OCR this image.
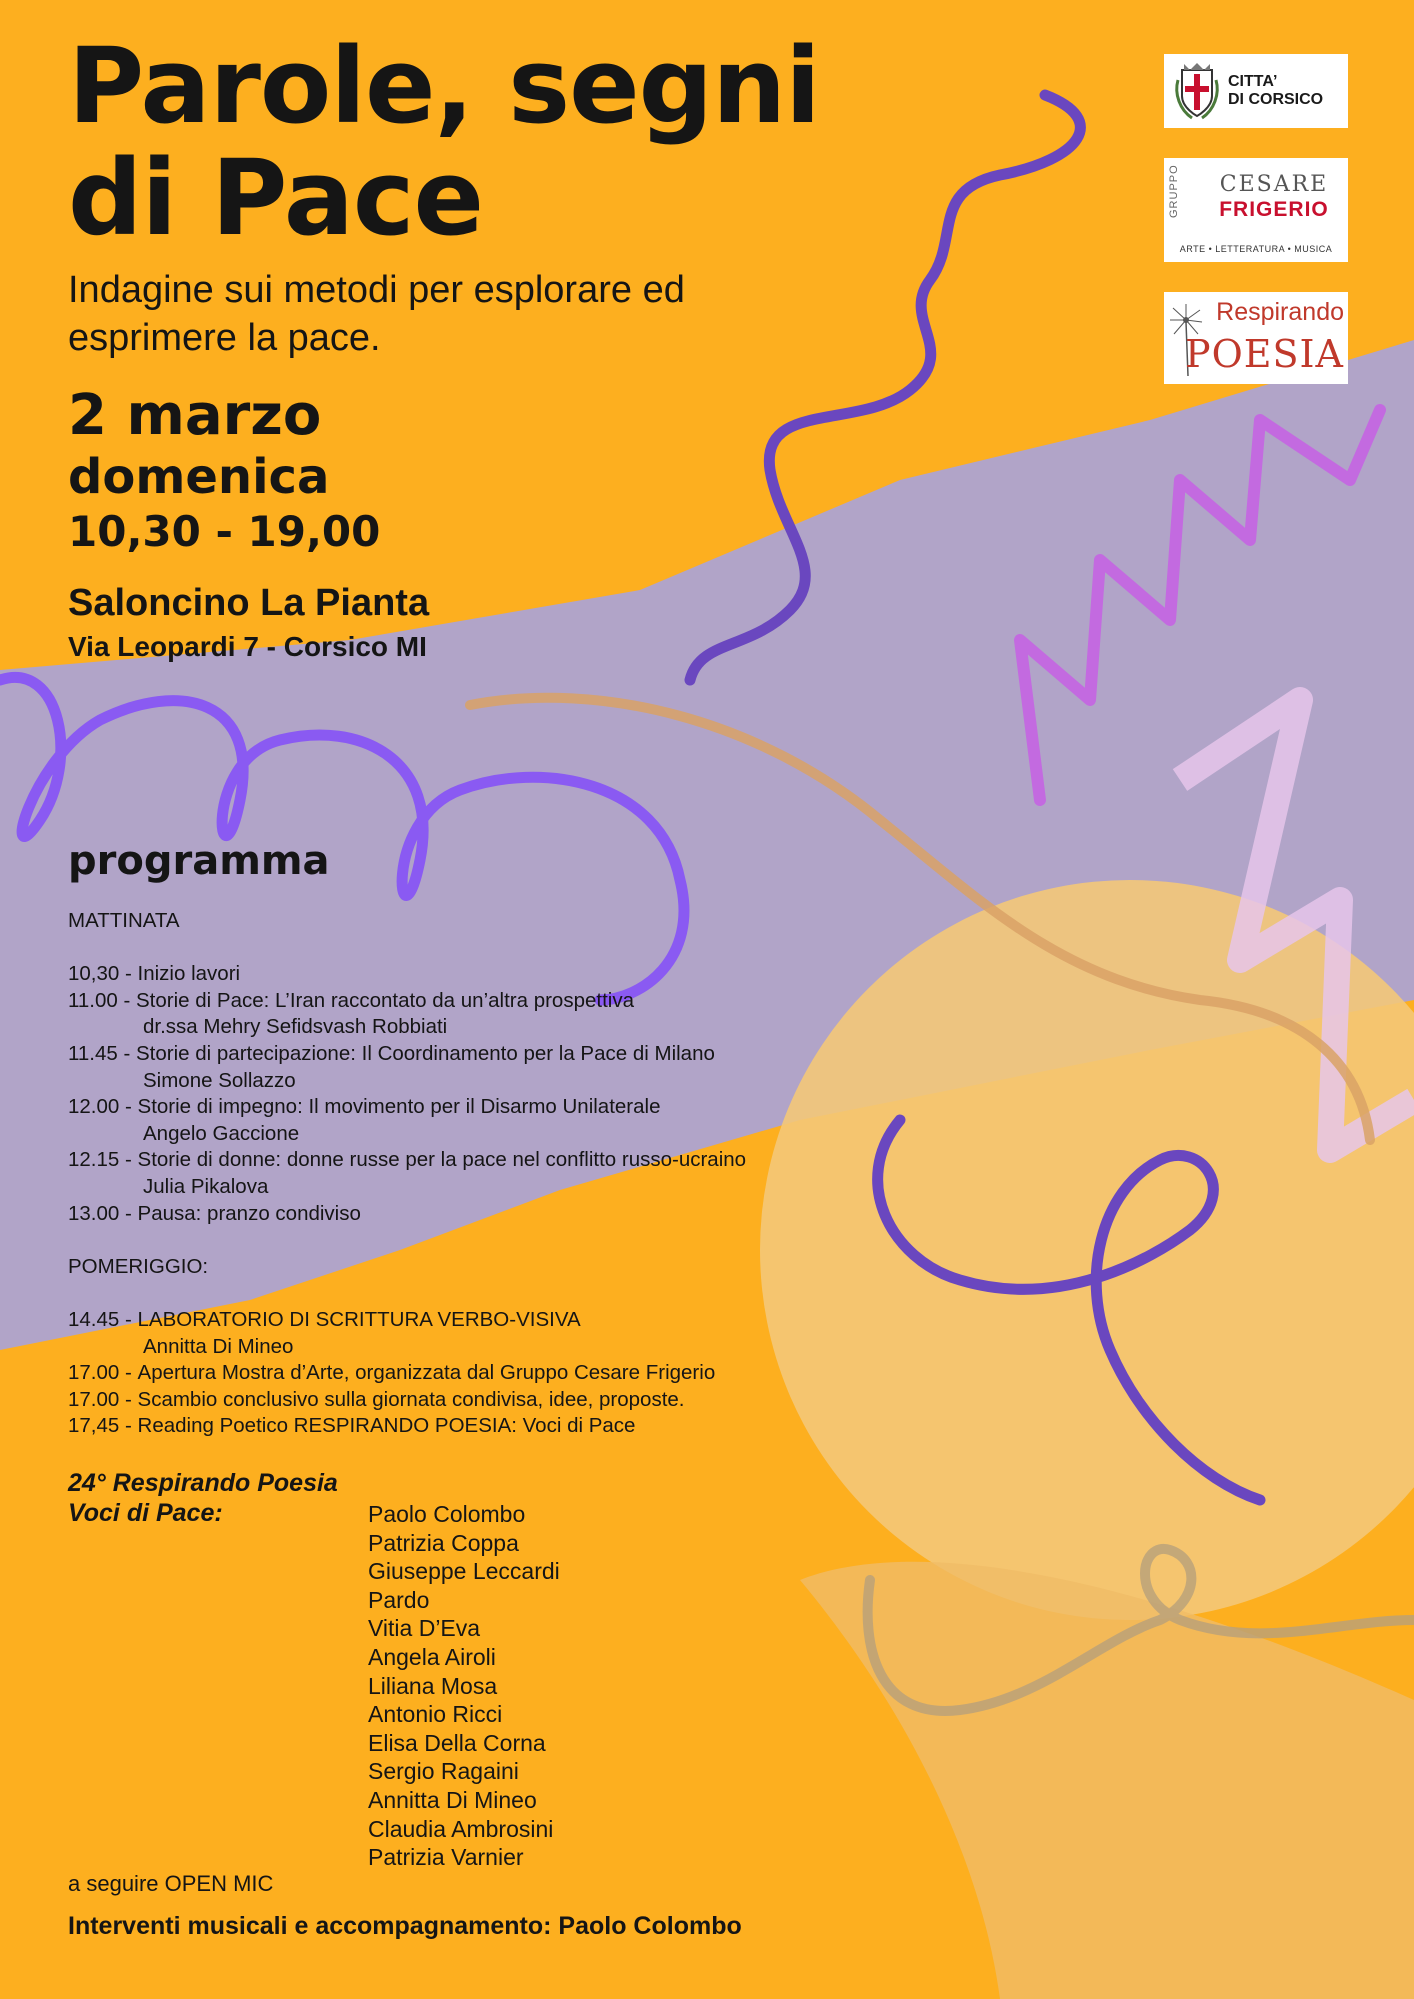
Parole, segni
di Pace

Indagine sui metodi per esplorare ed esprimere la pace.

2 marzo
domenica
10,30 - 19,00
Saloncino La Pianta
Via Leopardi 7 - Corsico MI
CITTA’
DI CORSICO
GRUPPO	CESARE
FRIGERIO
ARTE • LETTERATURA • MUSICA
Respirando
POESIA
programma
MATTINATA
10,30 - Inizio lavori
11.00 - Storie di Pace: L’Iran raccontato da un’altra prospettiva
dr.ssa Mehry Sefidsvash Robbiati
11.45 - Storie di partecipazione: Il Coordinamento per la Pace di Milano
Simone Sollazzo
12.00 - Storie di impegno: Il movimento per il Disarmo Unilaterale
Angelo Gaccione
12.15 - Storie di donne: donne russe per la pace nel conflitto russo-ucraino
Julia Pikalova
13.00 - Pausa: pranzo condiviso
POMERIGGIO:
14.45 - LABORATORIO DI SCRITTURA VERBO-VISIVA
Annitta Di Mineo
17.00 - Apertura Mostra d’Arte, organizzata dal Gruppo Cesare Frigerio
17.00 - Scambio conclusivo sulla giornata condivisa, idee, proposte.
17,45 - Reading Poetico RESPIRANDO POESIA: Voci di Pace
24° Respirando Poesia
Voci di Pace:	Paolo Colombo
Patrizia Coppa
Giuseppe Leccardi
Pardo
Vitia D’Eva
Angela Airoli
Liliana Mosa
Antonio Ricci
Elisa Della Corna
Sergio Ragaini
Annitta Di Mineo
Claudia Ambrosini
Patrizia Varnier
a seguire OPEN MIC
Interventi musicali e accompagnamento: Paolo Colombo
